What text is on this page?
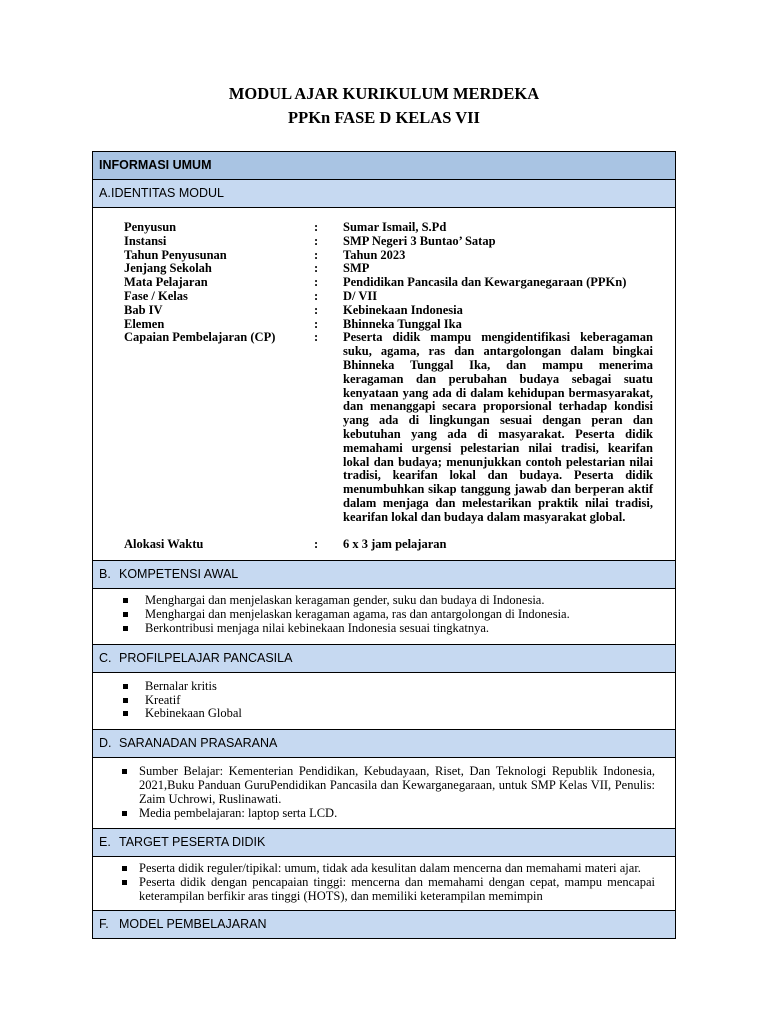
MODUL AJAR KURIKULUM MERDEKA
PPKn FASE D KELAS VII
INFORMASI UMUM
A.IDENTITAS MODUL
Penyusun	:	Sumar Ismail, S.Pd
Instansi	:	SMP Negeri 3 Buntao’ Satap
Tahun Penyusunan	:	Tahun 2023
Jenjang Sekolah	:	SMP
Mata Pelajaran	:	Pendidikan Pancasila dan Kewarganegaraan (PPKn)
Fase / Kelas	:	D/ VII
Bab IV	:	Kebinekaan Indonesia
Elemen	:	Bhinneka Tunggal Ika
Capaian Pembelajaran (CP)	:	Peserta didik mampu mengidentifikasi keberagaman suku, agama, ras dan antargolongan dalam bingkai Bhinneka Tunggal Ika, dan mampu menerima keragaman dan perubahan budaya sebagai suatu kenyataan yang ada di dalam kehidupan bermasyarakat, dan menanggapi secara proporsional terhadap kondisi yang ada di lingkungan sesuai dengan peran dan kebutuhan yang ada di masyarakat. Peserta didik memahami urgensi pelestarian nilai tradisi, kearifan lokal dan budaya; menunjukkan contoh pelestarian nilai tradisi, kearifan lokal dan budaya. Peserta didik menumbuhkan sikap tanggung jawab dan berperan aktif dalam menjaga dan melestarikan praktik nilai tradisi, kearifan lokal dan budaya dalam masyarakat global.
Alokasi Waktu	:	6 x 3 jam pelajaran
B. KOMPETENSI AWAL
Menghargai dan menjelaskan keragaman gender, suku dan budaya di Indonesia.
Menghargai dan menjelaskan keragaman agama, ras dan antargolongan di Indonesia.
Berkontribusi menjaga nilai kebinekaan Indonesia sesuai tingkatnya.
C. PROFILPELAJAR PANCASILA
Bernalar kritis
Kreatif
Kebinekaan Global
D. SARANADAN PRASARANA
Sumber Belajar: Kementerian Pendidikan, Kebudayaan, Riset, Dan Teknologi Republik Indonesia, 2021,Buku Panduan GuruPendidikan Pancasila dan Kewarganegaraan, untuk SMP Kelas VII, Penulis: Zaim Uchrowi, Ruslinawati.
Media pembelajaran: laptop serta LCD.
E. TARGET PESERTA DIDIK
Peserta didik reguler/tipikal: umum, tidak ada kesulitan dalam mencerna dan memahami materi ajar.
Peserta didik dengan pencapaian tinggi: mencerna dan memahami dengan cepat, mampu mencapai keterampilan berfikir aras tinggi (HOTS), dan memiliki keterampilan memimpin
F. MODEL PEMBELAJARAN
